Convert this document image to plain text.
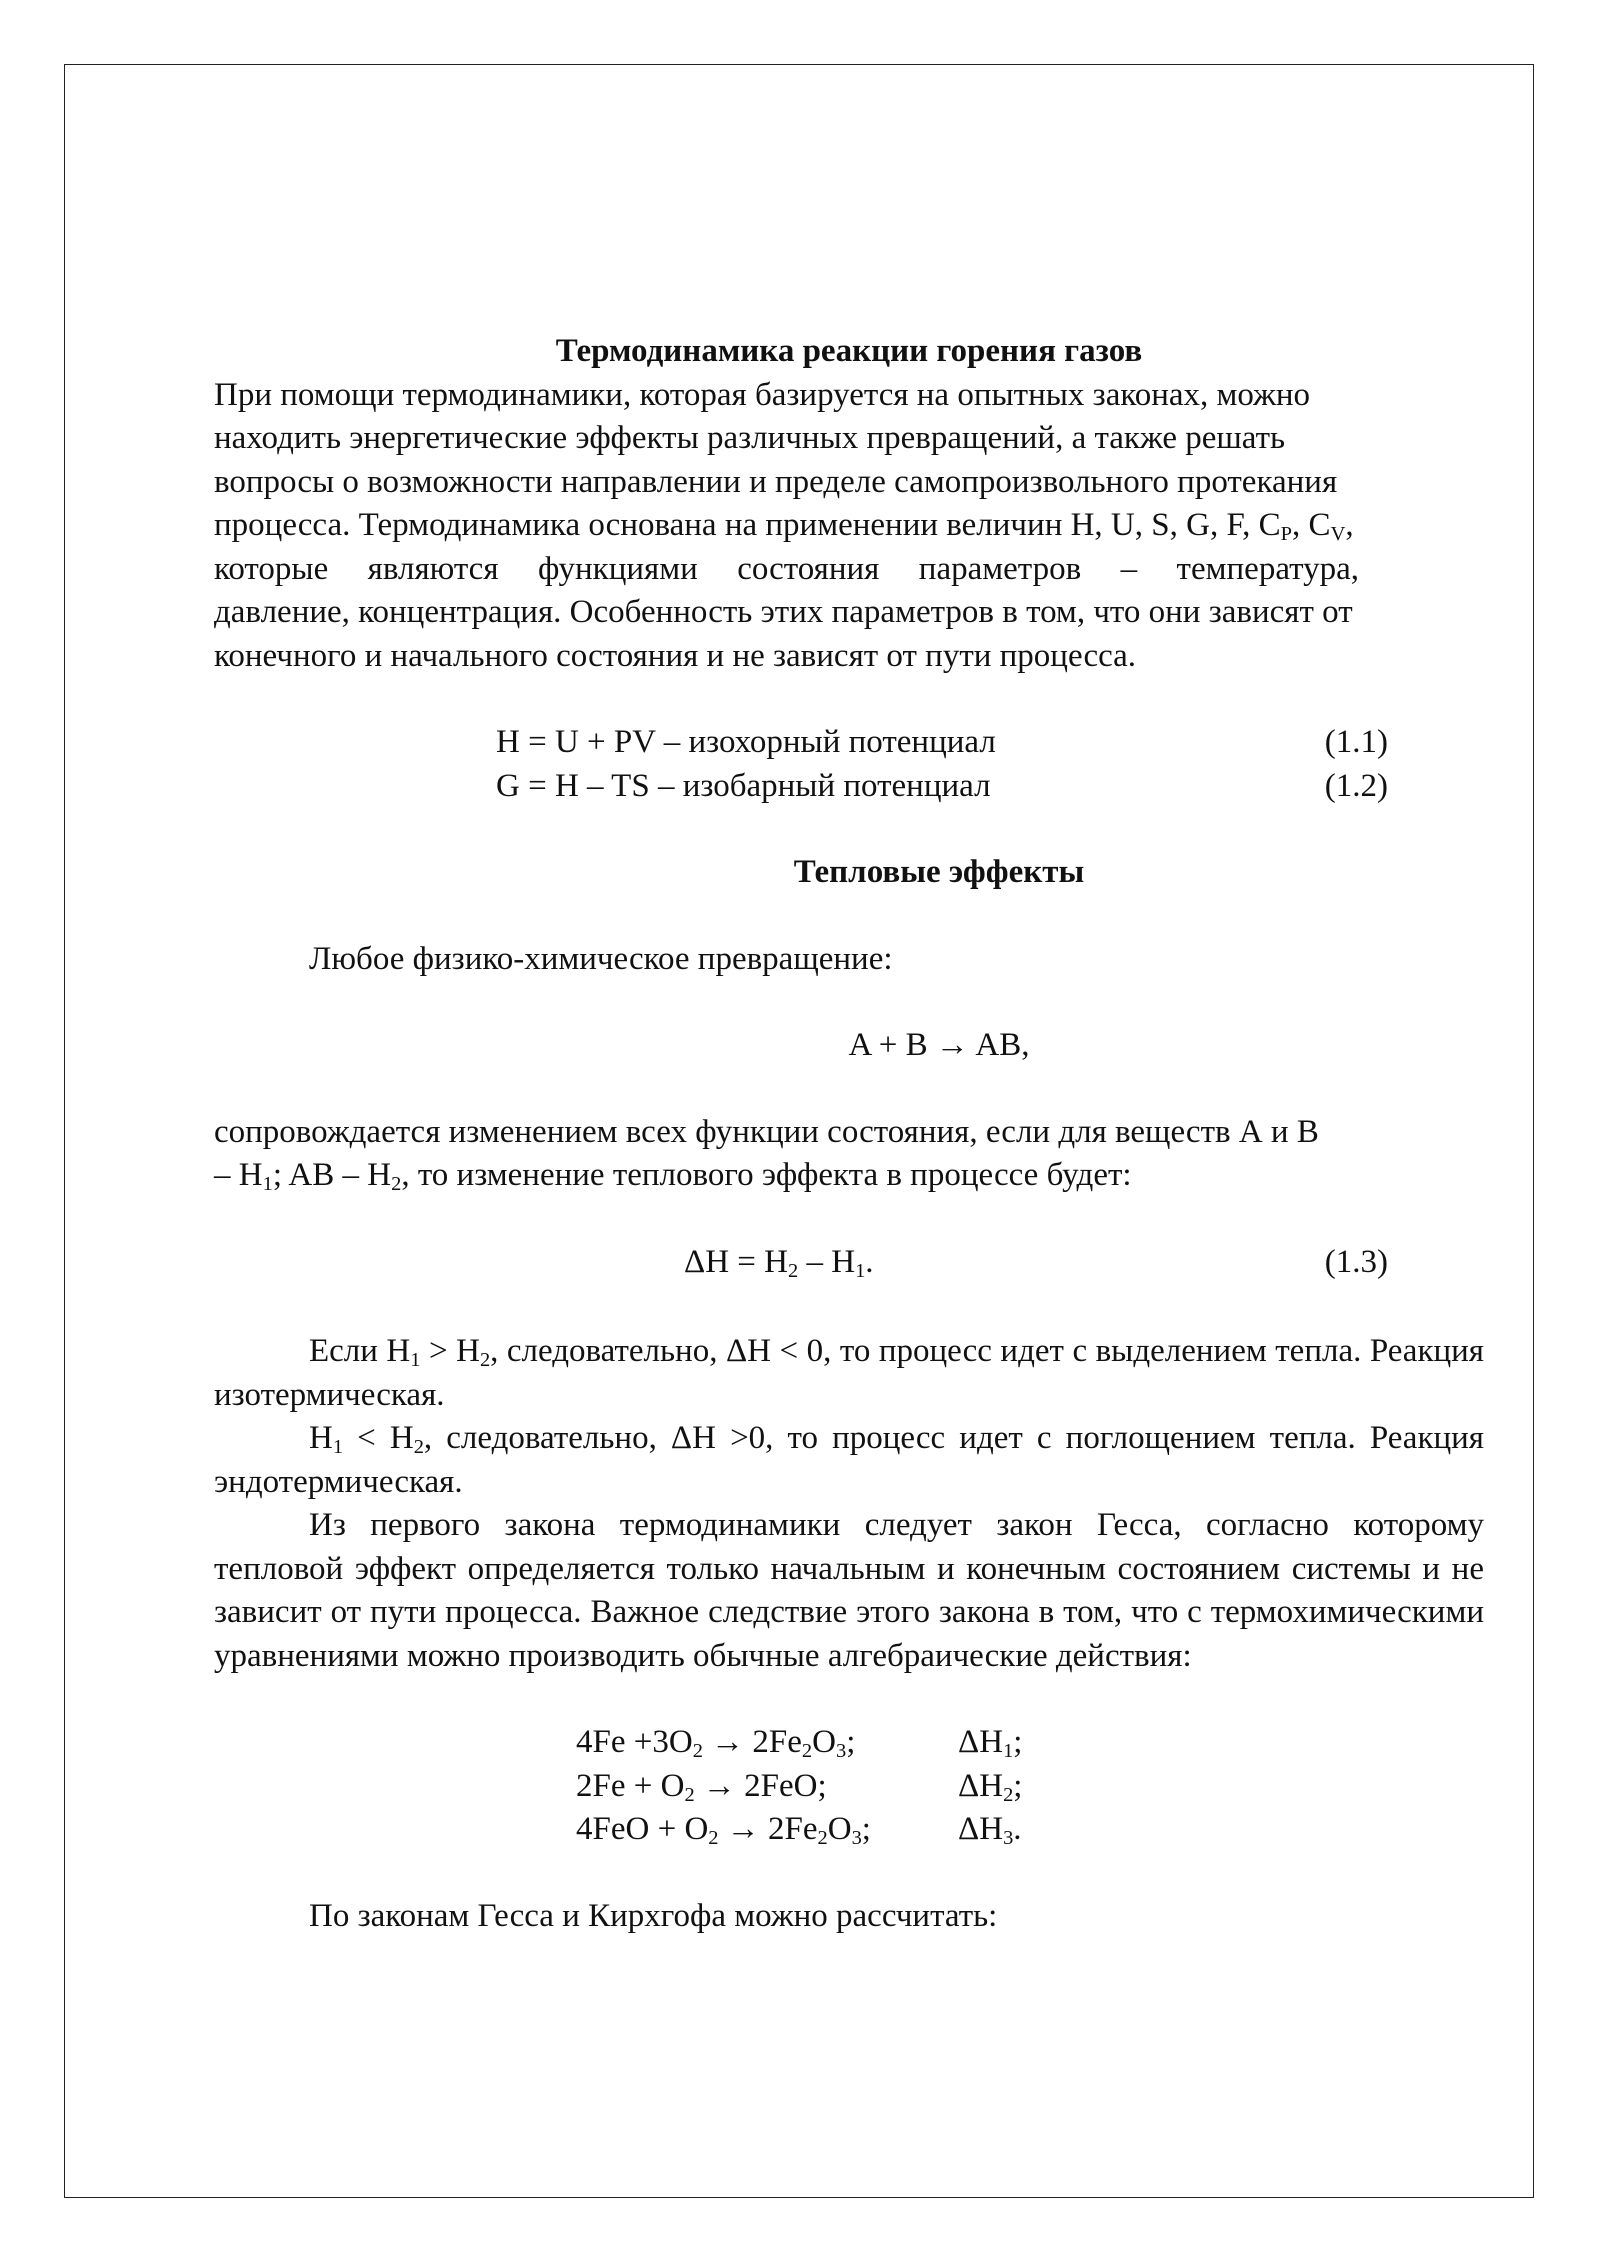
Термодинамика реакции горения газов

При помощи термодинамики, которая базируется на опытных законах, можно

находить энергетические эффекты различных превращений, а также решать

вопросы о возможности направлении и пределе самопроизвольного протекания

процесса. Термодинамика основана на применении величин H, U, S, G, F, $C_P$, $C_V$,

которые являются функциями состояния параметров – температура,

давление, концентрация. Особенность этих параметров в том, что они зависят от

конечного и начального состояния и не зависят от пути процесса.

H = U + PV – изохорный потенциал	(1.1)
G = H – TS – изобарный потенциал	(1.2)

Тепловые эффекты

Любое физико-химическое превращение:

A + B → AB,

сопровождается изменением всех функции состояния, если для веществ А и В

– $H_1$; AB – $H_2$, то изменение теплового эффекта в процессе будет:

$\Delta H = H_2 - H_1$.	(1.3)

Если $H_1 > H_2$, следовательно, ΔH < 0, то процесс идет с выделением тепла. Реакция изотермическая.

$H_1 < H_2$, следовательно, ΔH >0, то процесс идет с поглощением тепла. Реакция эндотермическая.

Из первого закона термодинамики следует закон Гесса, согласно которому тепловой эффект определяется только начальным и конечным состоянием системы и не зависит от пути процесса. Важное следствие этого закона в том, что с термохимическими уравнениями можно производить обычные алгебраические действия:

$4Fe +3O_2 \to 2Fe_2O_3$;	$\Delta H_1$;
$2Fe + O_2 \to 2FeO$;	$\Delta H_2$;
$4FeO + O_2 \to 2Fe_2O_3$;	$\Delta H_3$.

По законам Гесса и Кирхгофа можно рассчитать:
